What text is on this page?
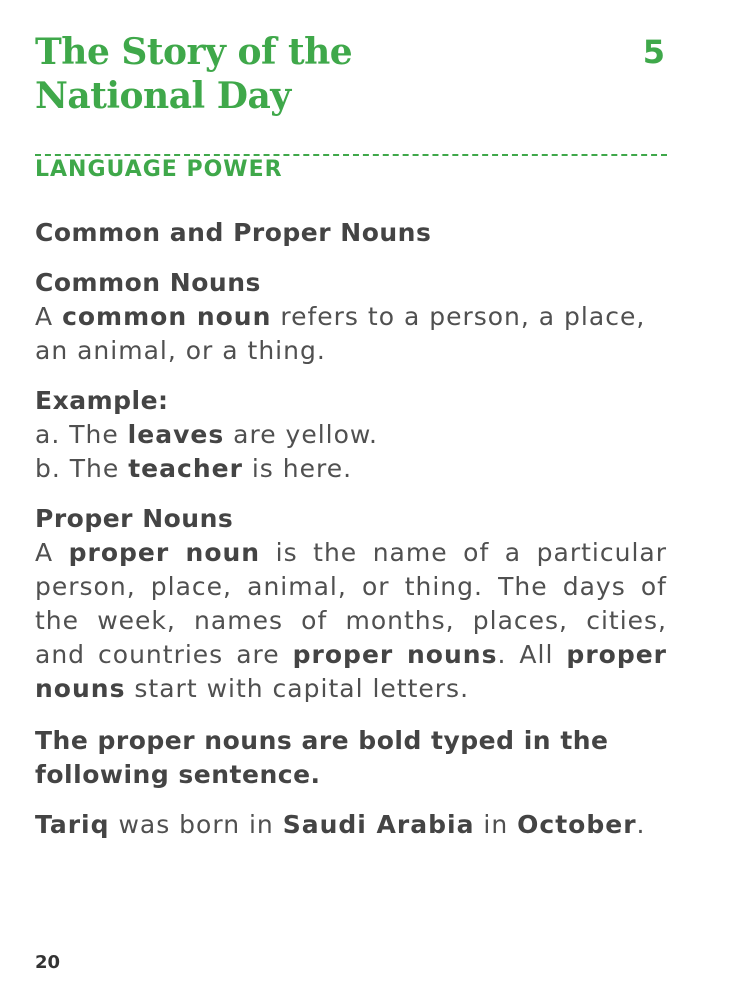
The Story of the National Day
5
LANGUAGE POWER
Common and Proper Nouns
Common Nouns
A common noun refers to a person, a place, an animal, or a thing.
Example:
a. The leaves are yellow.
b. The teacher is here.
Proper Nouns
A proper noun is the name of a particular person, place, animal, or thing. The days of the week, names of months, places, cities, and countries are proper nouns. All proper nouns start with capital letters.
The proper nouns are bold typed in the following sentence.
Tariq was born in Saudi Arabia in October.
20
